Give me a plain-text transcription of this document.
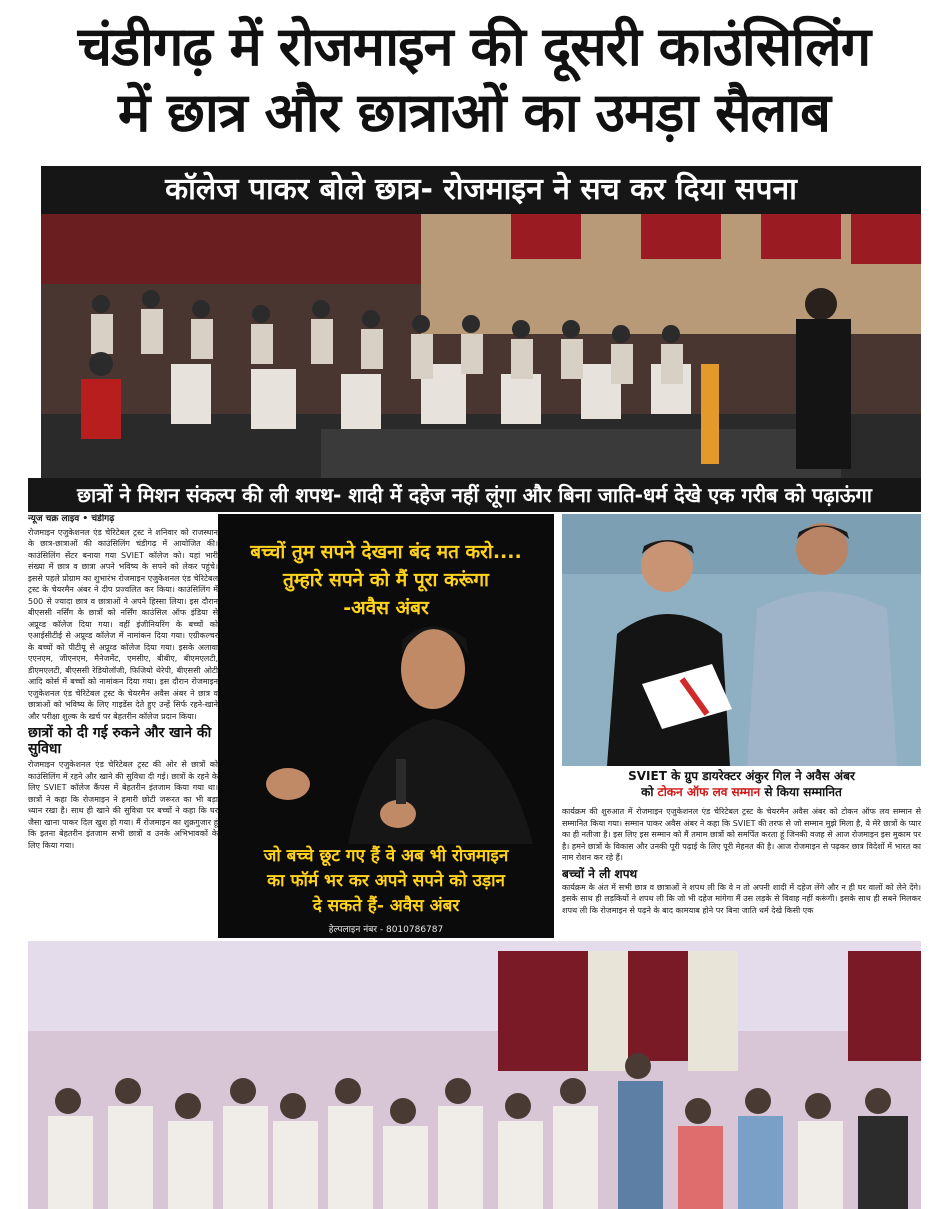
चंडीगढ़ में रोजमाइन की दूसरी काउंसिलिंग
में छात्र और छात्राओं का उमड़ा सैलाब
कॉलेज पाकर बोले छात्र- रोजमाइन ने सच कर दिया सपना
छात्रों ने मिशन संकल्प की ली शपथ- शादी में दहेज नहीं लूंगा और बिना जाति-धर्म देखे एक गरीब को पढ़ाऊंगा
न्यूज चक्र लाइव • चंडीगढ़
रोजमाइन एजुकेशनल एंड चेरिटेबल ट्रस्ट ने शनिवार को राजस्थान के छात्र-छात्राओं की काउंसिलिंग चंडीगढ़ में आयोजित की। काउंसिलिंग सेंटर बनाया गया SVIET कॉलेज को। यहां भारी संख्या में छात्र व छात्रा अपने भविष्य के सपने को लेकर पहुंचे। इससे पहले प्रोग्राम का शुभारंभ रोजमाइन एजुकेशनल एंड चेरिटेबल ट्रस्ट के चेयरमैन अंबर ने दीप प्रज्वलित कर किया। काउंसिलिंग में 500 से ज्यादा छात्र व छात्राओं ने अपने हिस्सा लिया। इस दौरान बीएससी नर्सिंग के छात्रों को नर्सिंग काउंसिल ऑफ इंडिया से अप्रूव्ड कॉलेज दिया गया। वहीं इंजीनियरिंग के बच्चों को एआईसीटीई से अप्रूव्ड कॉलेज में नामांकन दिया गया। एग्रीकल्चर के बच्चों को पीटीयू से अप्रूव्ड कॉलेज दिया गया। इसके अलावा एएनएम, जीएनएम, मैनेजमेंट, एमसीए, बीबीए, बीएमएलटी, डीएमएलटी, बीएससी रेडियोलॉजी, फिजियो थेरेपी, बीएससी ओटी आदि कोर्स में बच्चों को नामांकन दिया गया। इस दौरान रोजमाइन एजुकेशनल एंड चेरिटेबल ट्रस्ट के चेयरमैन अवैस अंबर ने छात्र व छात्राओं को भविष्य के लिए गाइडेंस देते हुए उन्हें सिर्फ रहने-खाने और परीक्षा शुल्क के खर्च पर बेहतरीन कॉलेज प्रदान किया।
छात्रों को दी गई रुकने और खाने की सुविधा
रोजमाइन एजुकेशनल एंड चेरिटेबल ट्रस्ट की ओर से छात्रों को काउंसिलिंग में रहने और खाने की सुविधा दी गई। छात्रों के रहने के लिए SVIET कॉलेज कैंपस में बेहतरीन इंतजाम किया गया था। छात्रों ने कहा कि रोजमाइन ने हमारी छोटी जरूरत का भी बड़ा ध्यान रखा है। साथ ही खाने की सुविधा पर बच्चों ने कहा कि घर जैसा खाना पाकर दिल खुश हो गया। मैं रोजमाइन का शुक्रगुजार हूं कि इतना बेहतरीन इंतजाम सभी छात्रों व उनके अभिभावकों के लिए किया गया।
बच्चों तुम सपने देखना बंद मत करो....
तुम्हारे सपने को मैं पूरा करूंगा
-अवैस अंबर
जो बच्चे छूट गए हैं वे अब भी रोजमाइन
का फॉर्म भर कर अपने सपने को उड़ान
दे सकते हैं- अवैस अंबर
हेल्पलाइन नंबर - 8010786787
SVIET के ग्रुप डायरेक्टर अंकुर गिल ने अवैस अंबर
को टोकन ऑफ लव सम्मान से किया सम्मानित
कार्यक्रम की शुरुआत में रोजमाइन एजुकेशनल एंड चेरिटेबल ट्रस्ट के चेयरमैन अवैस अंबर को टोकन ऑफ लव सम्मान से सम्मानित किया गया। सम्मान पाकर अवैस अंबर ने कहा कि SVIET की तरफ से जो सम्मान मुझे मिला है, ये मेरे छात्रों के प्यार का ही नतीजा है। इस लिए इस सम्मान को मैं तमाम छात्रों को समर्पित करता हूं जिनकी वजह से आज रोजमाइन इस मुकाम पर है। हमने छात्रों के विकास और उनकी पूरी पढ़ाई के लिए पूरी मेहनत की है। आज रोजमाइन से पढ़कर छात्र विदेशों में भारत का नाम रोशन कर रहे हैं।
बच्चों ने ली शपथ
कार्यक्रम के अंत में सभी छात्र व छात्राओं ने शपथ ली कि वे न तो अपनी शादी में दहेज लेंगे और न ही घर वालों को लेने देंगे। इसके साथ ही लड़कियों ने शपथ ली कि जो भी दहेज मांगेगा मैं उस लड़के से विवाह नहीं करूंगी। इसके साथ ही सबने मिलकर शपथ ली कि रोजमाइन से पढ़ने के बाद कामयाब होने पर बिना जाति धर्म देखे किसी एक
